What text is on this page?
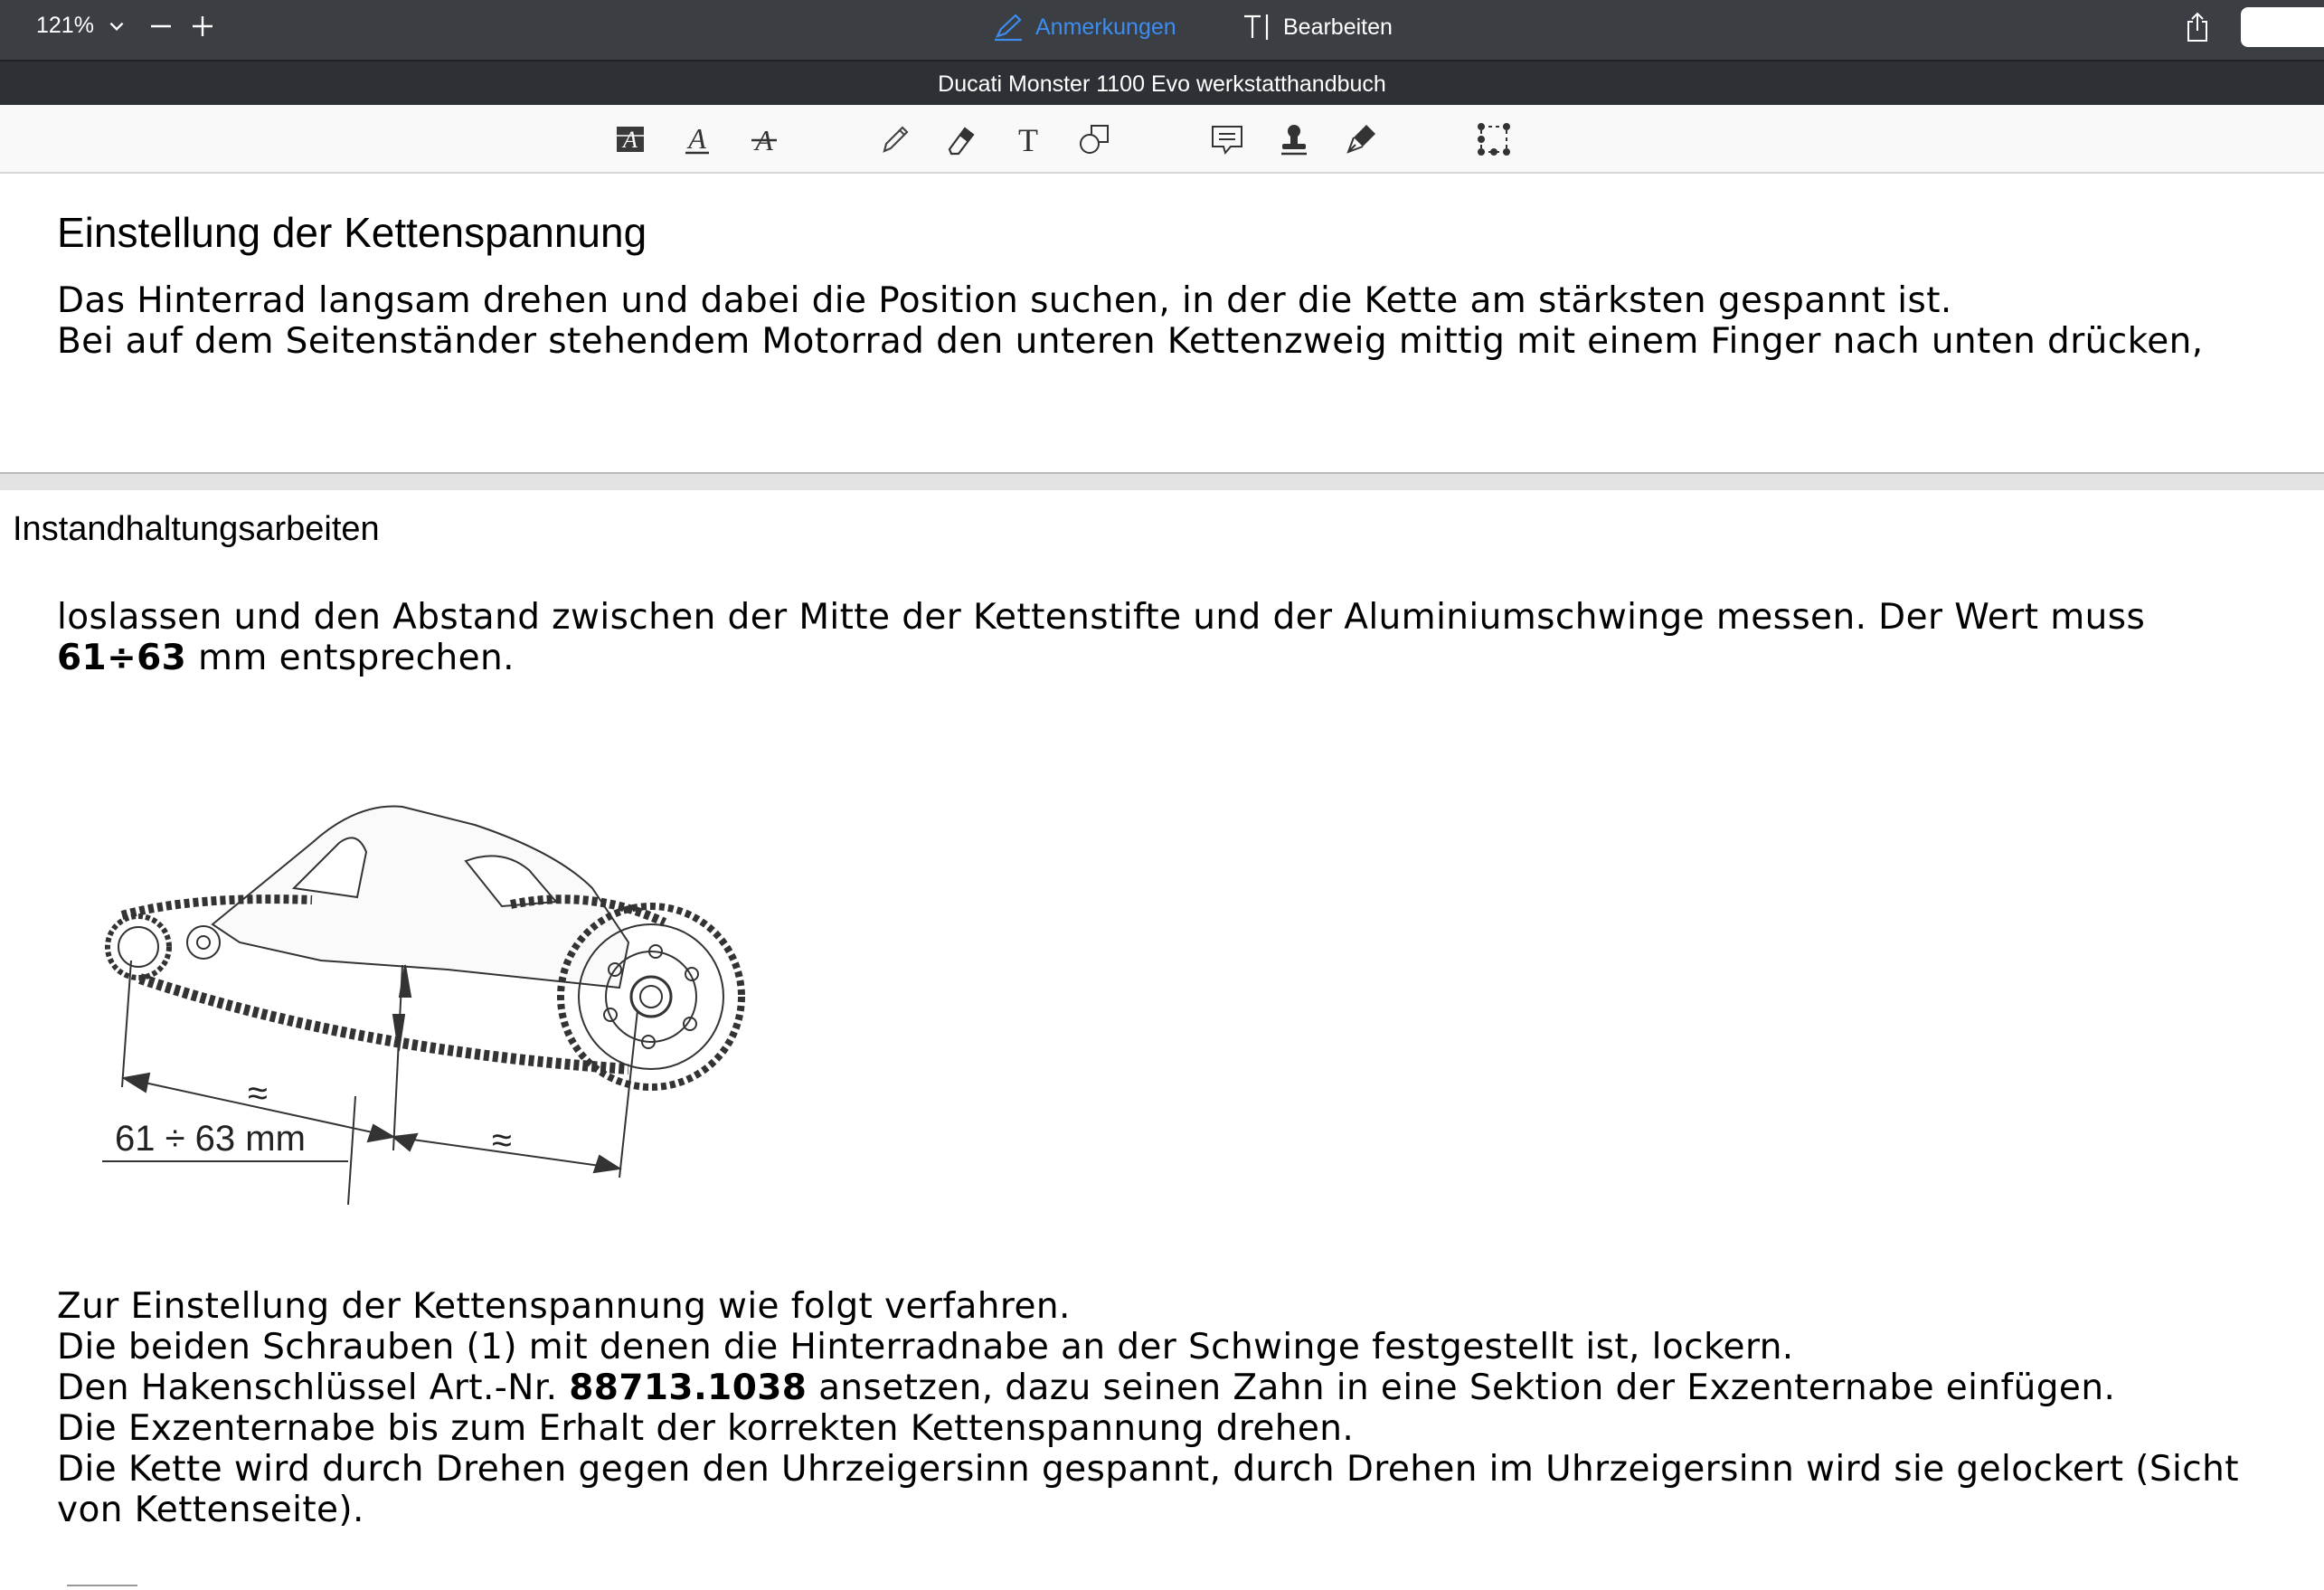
121%	Anmerkungen	Bearbeiten
Ducati Monster 1100 Evo werkstatthandbuch
A A A	T
Einstellung der Kettenspannung
Das Hinterrad langsam drehen und dabei die Position suchen, in der die Kette am stärksten gespannt ist.
Bei auf dem Seitenständer stehendem Motorrad den unteren Kettenzweig mittig mit einem Finger nach unten drücken,
Instandhaltungsarbeiten
loslassen und den Abstand zwischen der Mitte der Kettenstifte und der Aluminiumschwinge messen. Der Wert muss
61÷63 mm entsprechen.
≈
≈
61 ÷ 63 mm
Zur Einstellung der Kettenspannung wie folgt verfahren.
Die beiden Schrauben (1) mit denen die Hinterradnabe an der Schwinge festgestellt ist, lockern.
Den Hakenschlüssel Art.-Nr. 88713.1038 ansetzen, dazu seinen Zahn in eine Sektion der Exzenternabe einfügen.
Die Exzenternabe bis zum Erhalt der korrekten Kettenspannung drehen.
Die Kette wird durch Drehen gegen den Uhrzeigersinn gespannt, durch Drehen im Uhrzeigersinn wird sie gelockert (Sicht
von Kettenseite).
